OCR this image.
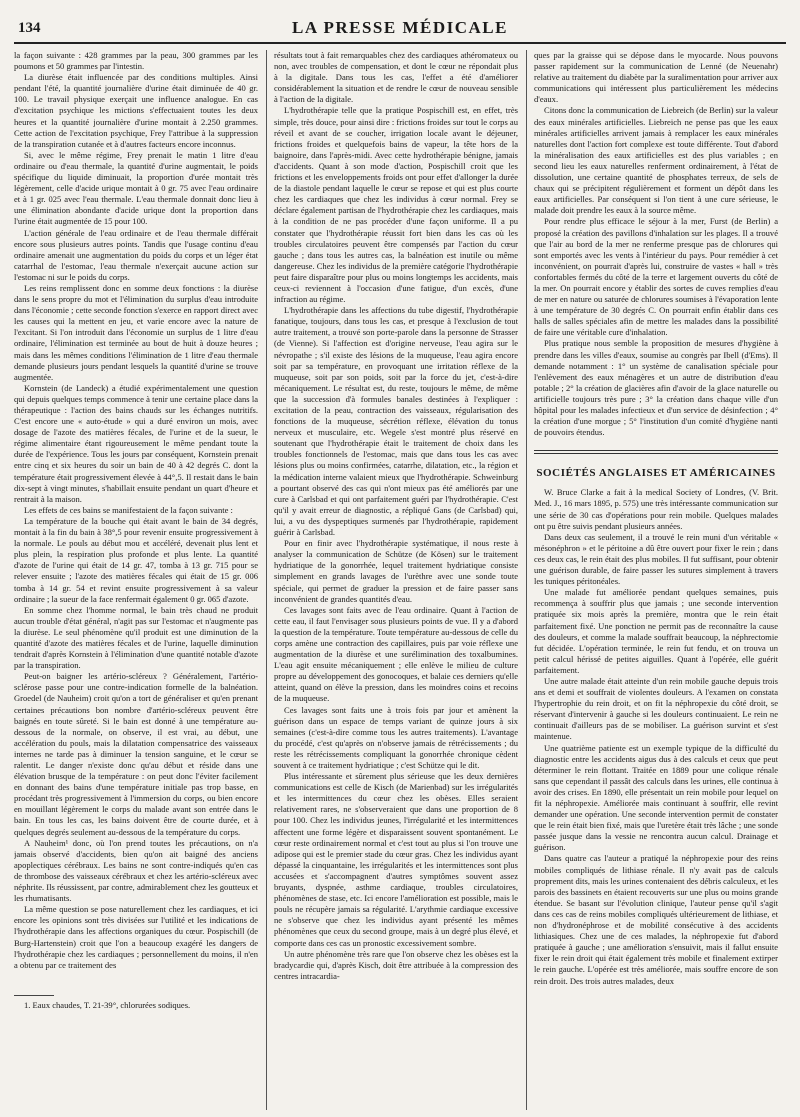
134	LA PRESSE MÉDICALE

la façon suivante : 428 grammes par la peau, 300 grammes par les poumons et 50 grammes par l'intestin.

La diurèse était influencée par des conditions multiples. Ainsi pendant l'été, la quantité journalière d'urine était diminuée de 40 gr. 100. Le travail physique exerçait une influence analogue. En cas d'excitation psychique les mictions s'effectuaient toutes les deux heures et la quantité journalière d'urine montait à 2.250 grammes. Cette action de l'excitation psychique, Frey l'attribue à la suppression de la transpiration cutanée et à d'autres facteurs encore inconnus.

Si, avec le même régime, Frey prenait le matin 1 litre d'eau ordinaire ou d'eau thermale, la quantité d'urine augmentait, le poids spécifique du liquide diminuait, la proportion d'urée montait très légèrement, celle d'acide urique montait à 0 gr. 75 avec l'eau ordinaire et à 1 gr. 025 avec l'eau thermale. L'eau thermale donnait donc lieu à une élimination abondante d'acide urique dont la proportion dans l'urine était augmentée de 15 pour 100.

L'action générale de l'eau ordinaire et de l'eau thermale différait encore sous plusieurs autres points. Tandis que l'usage continu d'eau ordinaire amenait une augmentation du poids du corps et un léger état catarrhal de l'estomac, l'eau thermale n'exerçait aucune action sur l'estomac ni sur le poids du corps.

Les reins remplissent donc en somme deux fonctions : la diurèse dans le sens propre du mot et l'élimination du surplus d'eau introduite dans l'économie ; cette seconde fonction s'exerce en rapport direct avec les causes qui la mettent en jeu, et varie encore avec la nature de l'excitant. Si l'on introduit dans l'économie un surplus de 1 litre d'eau ordinaire, l'élimination est terminée au bout de huit à douze heures ; mais dans les mêmes conditions l'élimination de 1 litre d'eau thermale demande plusieurs jours pendant lesquels la quantité d'urine se trouve augmentée.

Kornstein (de Landeck) a étudié expérimentalement une question qui depuis quelques temps commence à tenir une certaine place dans la thérapeutique : l'action des bains chauds sur les échanges nutritifs. C'est encore une « auto-étude » qui a duré environ un mois, avec dosage de l'azote des matières fécales, de l'urine et de la sueur, le régime alimentaire étant rigoureusement le même pendant toute la durée de l'expérience. Tous les jours par conséquent, Kornstein prenait entre cinq et six heures du soir un bain de 40 à 42 degrés C. dont la température était progressivement élevée à 44°,5. Il restait dans le bain dix-sept à vingt minutes, s'habillait ensuite pendant un quart d'heure et rentrait à la maison.

Les effets de ces bains se manifestaient de la façon suivante :

La température de la bouche qui était avant le bain de 34 degrés, montait à la fin du bain à 38°,5 pour revenir ensuite progressivement à la normale. Le pouls au début mou et accéléré, devenait plus lent et plus plein, la respiration plus profonde et plus lente. La quantité d'azote de l'urine qui était de 14 gr. 47, tomba à 13 gr. 715 pour se relever ensuite ; l'azote des matières fécales qui était de 15 gr. 006 tomba à 14 gr. 54 et revint ensuite progressivement à sa valeur ordinaire ; la sueur de la face renfermait également 0 gr. 065 d'azote.

En somme chez l'homme normal, le bain très chaud ne produit aucun trouble d'état général, n'agit pas sur l'estomac et n'augmente pas la diurèse. Le seul phénomène qu'il produit est une diminution de la quantité d'azote des matières fécales et de l'urine, laquelle diminution tendrait d'après Kornstein à l'élimination d'une quantité notable d'azote par la transpiration.

Peut-on baigner les artério-scléreux ? Généralement, l'artério-sclérose passe pour une contre-indication formelle de la balnéation. Groedel (de Nauheim) croit qu'on a tort de généraliser et qu'en prenant certaines précautions bon nombre d'artério-scléreux peuvent être baignés en toute sûreté. Si le bain est donné à une température au-dessous de la normale, on observe, il est vrai, au début, une accélération du pouls, mais la dilatation compensatrice des vaisseaux internes ne tarde pas à diminuer la tension sanguine, et le cœur se ralentit. Le danger n'existe donc qu'au début et réside dans une élévation brusque de la température : on peut donc l'éviter facilement en donnant des bains d'une température initiale pas trop basse, en procédant très progressivement à l'immersion du corps, ou bien encore en mouillant légèrement le corps du malade avant son entrée dans le bain. En tous les cas, les bains doivent être de courte durée, et à quelques degrés seulement au-dessous de la température du corps.

A Nauheim¹ donc, où l'on prend toutes les précautions, on n'a jamais observé d'accidents, bien qu'on ait baigné des anciens apoplectiques cérébraux. Les bains ne sont contre-indiqués qu'en cas de thrombose des vaisseaux cérébraux et chez les artério-scléreux avec néphrite. Ils réussissent, par contre, admirablement chez les goutteux et les rhumatisants.

La même question se pose naturellement chez les cardiaques, et ici encore les opinions sont très divisées sur l'utilité et les indications de l'hydrothérapie dans les affections organiques du cœur. Pospischill (de Burg-Hartenstein) croit que l'on a beaucoup exagéré les dangers de l'hydrothérapie chez les cardiaques ; personnellement du moins, il n'en a obtenu par ce traitement des

1. Eaux chaudes, T. 21-39°, chlorurées sodiques.

résultats tout à fait remarquables chez des cardiaques athéromateux ou non, avec troubles de compensation, et dont le cœur ne répondait plus à la digitale. Dans tous les cas, l'effet a été d'améliorer considérablement la situation et de rendre le cœur de nouveau sensible à l'action de la digitale.

L'hydrothérapie telle que la pratique Pospischill est, en effet, très simple, très douce, pour ainsi dire : frictions froides sur tout le corps au réveil et avant de se coucher, irrigation locale avant le déjeuner, frictions froides et quelquefois bains de vapeur, la tête hors de la baignoire, dans l'après-midi. Avec cette hydrothérapie bénigne, jamais d'accidents. Quant à son mode d'action, Pospischill croit que les frictions et les enveloppements froids ont pour effet d'allonger la durée de la diastole pendant laquelle le cœur se repose et qui est plus courte chez les cardiaques que chez les individus à cœur normal. Frey se déclare également partisan de l'hydrothérapie chez les cardiaques, mais à la condition de ne pas procéder d'une façon uniforme. Il a pu constater que l'hydrothérapie réussit fort bien dans les cas où les troubles circulatoires peuvent être compensés par l'action du cœur gauche ; dans tous les autres cas, la balnéation est inutile ou même dangereuse. Chez les individus de la première catégorie l'hydrothérapie peut faire disparaître pour plus ou moins longtemps les accidents, mais ceux-ci reviennent à l'occasion d'une fatigue, d'un excès, d'une infraction au régime.

L'hydrothérapie dans les affections du tube digestif, l'hydrothérapie fanatique, toujours, dans tous les cas, et presque à l'exclusion de tout autre traitement, a trouvé son porte-parole dans la personne de Strasser (de Vienne). Si l'affection est d'origine nerveuse, l'eau agira sur le névropathe ; s'il existe des lésions de la muqueuse, l'eau agira encore soit par sa température, en provoquant une irritation réflexe de la muqueuse, soit par son poids, soit par la force du jet, c'est-à-dire mécaniquement. Le résultat est, du reste, toujours le même, de même que la succession d'à formules banales destinées à l'expliquer : excitation de la peau, contraction des vaisseaux, régularisation des fonctions de la muqueuse, sécrétion réflexe, élévation du tonus nerveux et musculaire, etc. Wegele s'est montré plus réservé en soutenant que l'hydrothérapie était le traitement de choix dans les troubles fonctionnels de l'estomac, mais que dans tous les cas avec lésions plus ou moins confirmées, catarrhe, dilatation, etc., la région et la médication interne valaient mieux que l'hydrothérapie. Schweinburg a pourtant observé des cas qui n'ont mieux pas été améliorés par une cure à Carlsbad et qui ont parfaitement guéri par l'hydrothérapie. C'est qu'il y avait erreur de diagnostic, a répliqué Gans (de Carlsbad) qui, lui, a vu des dyspeptiques surmenés par l'hydrothérapie, rapidement guérir à Carlsbad.

Pour en finir avec l'hydrothérapie systématique, il nous reste à analyser la communication de Schütze (de Kösen) sur le traitement hydriatique de la gonorrhée, lequel traitement hydriatique consiste simplement en grands lavages de l'urèthre avec une sonde toute spéciale, qui permet de graduer la pression et de faire passer sans inconvénient de grandes quantités d'eau.

Ces lavages sont faits avec de l'eau ordinaire. Quant à l'action de cette eau, il faut l'envisager sous plusieurs points de vue. Il y a d'abord la question de la température. Toute température au-dessous de celle du corps amène une contraction des capillaires, puis par voie réflexe une augmentation de la diurèse et une surélimination des toxalbumines. L'eau agit ensuite mécaniquement ; elle enlève le milieu de culture propre au développement des gonocoques, et balaie ces derniers qu'elle atteint, quand on élève la pression, dans les moindres coins et recoins de la muqueuse.

Ces lavages sont faits une à trois fois par jour et amènent la guérison dans un espace de temps variant de quinze jours à six semaines (c'est-à-dire comme tous les autres traitements). L'avantage du procédé, c'est qu'après on n'observe jamais de rétrécissements ; du reste les rétrécissements compliquant la gonorrhée chronique cèdent souvent à ce traitement hydriatique ; c'est Schütze qui le dit.

Plus intéressante et sûrement plus sérieuse que les deux dernières communications est celle de Kisch (de Marienbad) sur les irrégularités et les intermittences du cœur chez les obèses. Elles seraient relativement rares, ne s'observeraient que dans une proportion de 8 pour 100. Chez les individus jeunes, l'irrégularité et les intermittences affectent une forme légère et disparaissent souvent spontanément. Le cœur reste ordinairement normal et c'est tout au plus si l'on trouve une adipose qui est le premier stade du cœur gras. Chez les individus ayant dépassé la cinquantaine, les irrégularités et les intermittences sont plus accusées et s'accompagnent d'autres symptômes souvent assez bruyants, dyspnée, asthme cardiaque, troubles circulatoires, phénomènes de stase, etc. Ici encore l'amélioration est possible, mais le pouls ne récupère jamais sa régularité. L'arythmie cardiaque excessive ne s'observe que chez les individus ayant présenté les mêmes phénomènes que ceux du second groupe, mais à un degré plus élevé, et comporte dans ces cas un pronostic excessivement sombre.

Un autre phénomène très rare que l'on observe chez les obèses est la bradycardie qui, d'après Kisch, doit être attribuée à la compression des centres intracardia-

ques par la graisse qui se dépose dans le myocarde. Nous pouvons passer rapidement sur la communication de Lenné (de Neuenahr) relative au traitement du diabète par la suralimentation pour arriver aux communications qui intéressent plus particulièrement les médecins d'eaux.

Citons donc la communication de Liebreich (de Berlin) sur la valeur des eaux minérales artificielles. Liebreich ne pense pas que les eaux minérales artificielles arrivent jamais à remplacer les eaux minérales naturelles dont l'action fort complexe est toute différente. Tout d'abord la minéralisation des eaux artificielles est des plus variables ; en second lieu les eaux naturelles renferment ordinairement, à l'état de dissolution, une certaine quantité de phosphates terreux, de sels de chaux qui se précipitent régulièrement et forment un dépôt dans les eaux artificielles. Par conséquent si l'on tient à une cure sérieuse, le malade doit prendre les eaux à la source même.

Pour rendre plus efficace le séjour à la mer, Furst (de Berlin) a proposé la création des pavillons d'inhalation sur les plages. Il a trouvé que l'air au bord de la mer ne renferme presque pas de chlorures qui sont emportés avec les vents à l'intérieur du pays. Pour remédier à cet inconvénient, on pourrait d'après lui, construire de vastes « hall » très confortables fermés du côté de la terre et largement ouverts du côté de la mer. On pourrait encore y établir des sortes de cuves remplies d'eau de mer en nature ou saturée de chlorures soumises à l'évaporation lente à une température de 30 degrés C. On pourrait enfin établir dans ces halls de salles spéciales afin de mettre les malades dans la possibilité de faire une véritable cure d'inhalation.

Plus pratique nous semble la proposition de mesures d'hygiène à prendre dans les villes d'eaux, soumise au congrès par Ibell (d'Ems). Il demande notamment : 1° un système de canalisation spéciale pour l'enlèvement des eaux ménagères et un autre de distribution d'eau potable ; 2° la création de glacières afin d'avoir de la glace naturelle ou artificielle toujours très pure ; 3° la création dans chaque ville d'un hôpital pour les malades infectieux et d'un service de désinfection ; 4° la création d'une morgue ; 5° l'institution d'un comité d'hygiène nanti de pouvoirs étendus.

SOCIÉTÉS ANGLAISES ET AMÉRICAINES

W. Bruce Clarke a fait à la medical Society of Londres, (V. Brit. Med. J., 16 mars 1895, p. 575) une très intéressante communication sur une série de 30 cas d'opérations pour rein mobile. Quelques malades ont pu être suivis pendant plusieurs années.

Dans deux cas seulement, il a trouvé le rein muni d'un véritable « mésonéphron » et le péritoine a dû être ouvert pour fixer le rein ; dans ces deux cas, le rein était des plus mobiles. Il fut suffisant, pour obtenir une guérison durable, de faire passer les sutures simplement à travers les tuniques péritonéales.

Une malade fut améliorée pendant quelques semaines, puis recommença à souffrir plus que jamais ; une seconde intervention pratiquée six mois après la première, montra que le rein était parfaitement fixé. Une ponction ne permit pas de reconnaître la cause des douleurs, et comme la malade souffrait beaucoup, la néphrectomie fut décidée. L'opération terminée, le rein fut fendu, et on trouva un petit calcul hérissé de petites aiguilles. Quant à l'opérée, elle guérit parfaitement.

Une autre malade était atteinte d'un rein mobile gauche depuis trois ans et demi et souffrait de violentes douleurs. A l'examen on constata l'hypertrophie du rein droit, et on fit la néphropexie du côté droit, se réservant d'intervenir à gauche si les douleurs continuaient. Le rein ne continuait d'ailleurs pas de se mobiliser. La guérison survint et s'est maintenue.

Une quatrième patiente est un exemple typique de la difficulté du diagnostic entre les accidents aigus dus à des calculs et ceux que peut déterminer le rein flottant. Traitée en 1889 pour une colique rénale sans que cependant il passât des calculs dans les urines, elle continua à avoir des crises. En 1890, elle présentait un rein mobile pour lequel on fit la néphropexie. Améliorée mais continuant à souffrir, elle revint demander une opération. Une seconde intervention permit de constater que le rein était bien fixé, mais que l'uretère était très lâche ; une sonde passée jusque dans la vessie ne rencontra aucun calcul. Drainage et guérison.

Dans quatre cas l'auteur a pratiqué la néphropexie pour des reins mobiles compliqués de lithiase rénale. Il n'y avait pas de calculs proprement dits, mais les urines contenaient des débris calculeux, et les parois des bassinets en étaient recouverts sur une plus ou moins grande étendue. Se basant sur l'évolution clinique, l'auteur pense qu'il s'agit dans ces cas de reins mobiles compliqués ultérieurement de lithiase, et non d'hydronéphrose et de mobilité consécutive à des accidents lithiasiques. Chez une de ces malades, la néphropexie fut d'abord pratiquée à gauche ; une amélioration s'ensuivit, mais il fallut ensuite fixer le rein droit qui était également très mobile et finalement extirper le rein gauche. L'opérée est très améliorée, mais souffre encore de son rein droit. Des trois autres malades, deux
